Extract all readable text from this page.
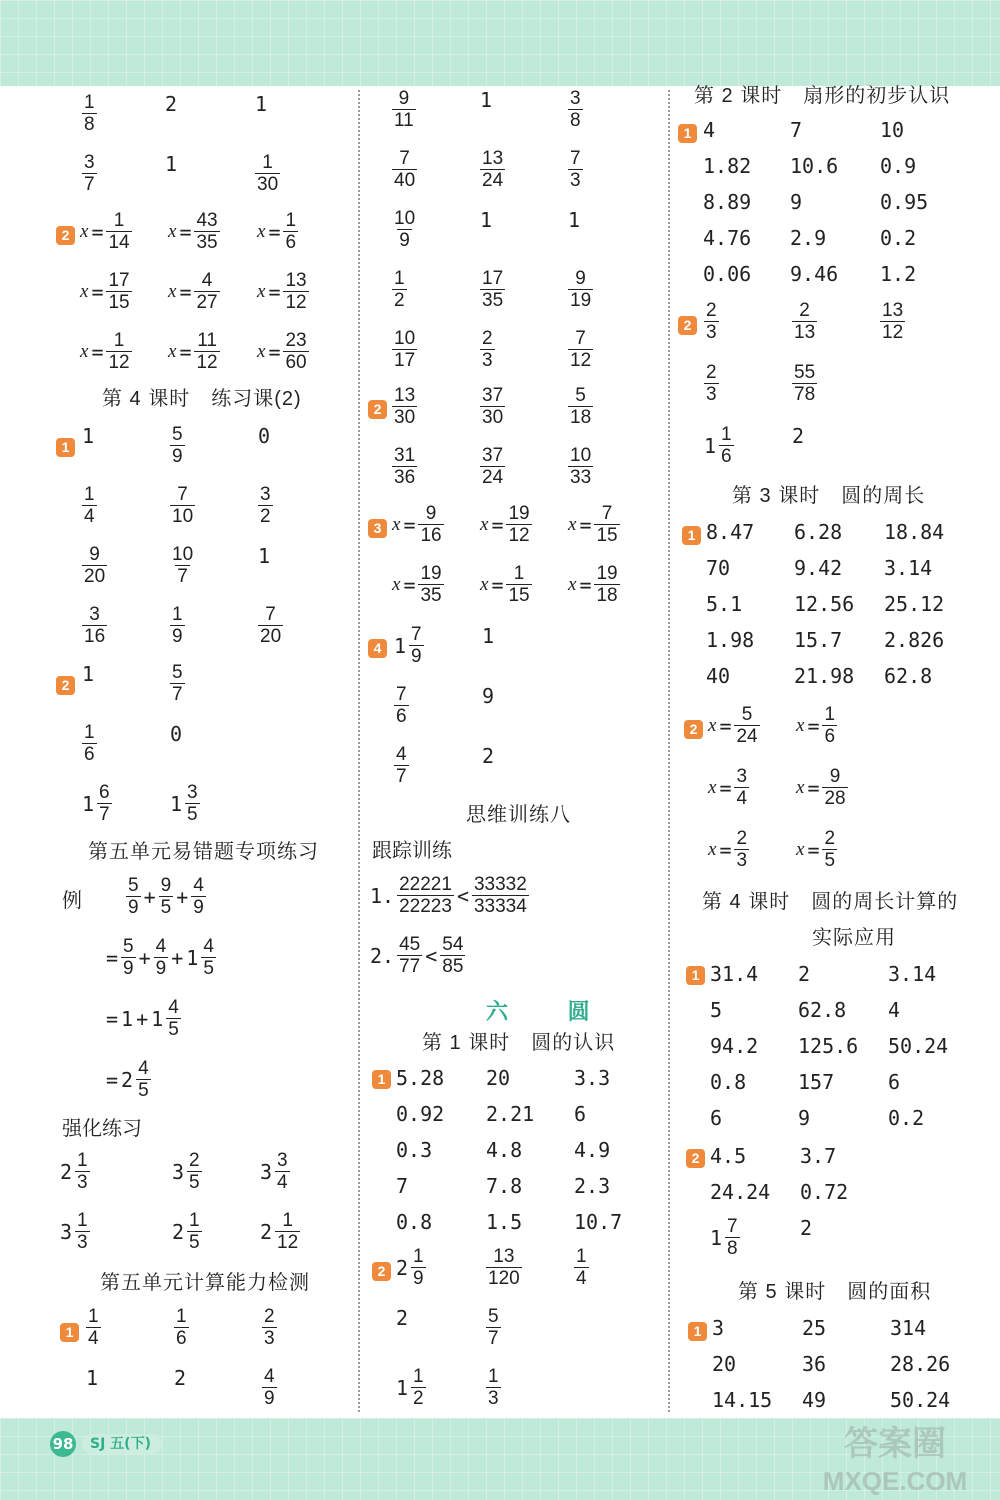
$\frac{1}{8}$	2	1
$\frac{3}{7}$	1	$\frac{1}{30}$
2 $x = \frac{1}{14}$ $x = \frac{43}{35}$ $x = \frac{1}{6}$
$x = \frac{17}{15}$ $x = \frac{4}{27}$ $x = \frac{13}{12}$
$x = \frac{1}{12}$ $x = \frac{11}{12}$ $x = \frac{23}{60}$
第 4 课时　练习课(2)
1 1	$\frac{5}{9}$	0
$\frac{1}{4}$	$\frac{7}{10}$	$\frac{3}{2}$
$\frac{9}{20}$	$\frac{10}{7}$	1
$\frac{3}{16}$	$\frac{1}{9}$	$\frac{7}{20}$
2 1	$\frac{5}{7}$
$\frac{1}{6}$	0
$1 \frac{6}{7}$	$1 \frac{3}{5}$
第五单元易错题专项练习
例 $\frac{5}{9} + \frac{9}{5} + \frac{4}{9}$
= $\frac{5}{9} + \frac{4}{9} + 1 \frac{4}{5}$
= $1 + 1 \frac{4}{5}$
= $2 \frac{4}{5}$
强化练习
$2 \frac{1}{3}$	$3 \frac{2}{5}$	$3 \frac{3}{4}$
$3 \frac{1}{3}$	$2 \frac{1}{5}$	$2 \frac{1}{12}$
第五单元计算能力检测
$1 \frac{1}{4}$	$\frac{1}{6}$	$\frac{2}{3}$
1	2	$\frac{4}{9}$
$\frac{9}{11}$	1	$\frac{3}{8}$
$\frac{7}{40}$	$\frac{13}{24}$	$\frac{7}{3}$
$\frac{10}{9}$	1	1
$\frac{1}{2}$	$\frac{17}{35}$	$\frac{9}{19}$
$\frac{10}{17}$	$\frac{2}{3}$	$\frac{7}{12}$
$2 \frac{13}{30}$	$\frac{37}{30}$	$\frac{5}{18}$
$\frac{31}{36}$	$\frac{37}{24}$	$\frac{10}{33}$
3 $x = \frac{9}{16}$ $x = \frac{19}{12}$ $x = \frac{7}{15}$
$x = \frac{19}{35}$ $x = \frac{1}{15}$ $x = \frac{19}{18}$
4 $1 \frac{7}{9}$	1
$\frac{7}{6}$	9
$\frac{4}{7}$	2
思维训练八
跟踪训练
1. $\frac{22221}{22223} < \frac{33332}{33334}$
2. $\frac{45}{77} < \frac{54}{85}$
六 圆
第 1 课时　圆的认识
1 5.28 20	3.3
0.92 2.21 6
0.3	4.8	4.9
7	7.8	2.3
0.8	1.5	10.7
2 $2 \frac{1}{9}$	$\frac{13}{120}$	$\frac{1}{4}$
2	$\frac{5}{7}$
$1 \frac{1}{2}$	$\frac{1}{3}$
第 2 课时　扇形的初步认识
1 4	7	10
1.82 10.6 0.9
8.89 9	0.95
4.76 2.9	0.2
0.06 9.46 1.2
$2 \frac{2}{3}$	$\frac{2}{13}$	$\frac{13}{12}$
$\frac{2}{3}$	$\frac{55}{78}$
$1 \frac{1}{6}$	2
第 3 课时　圆的周长
1 8.47 6.28 18.84
70	9.42 3.14
5.1	12.56 25.12
1.98 15.7 2.826
40	21.98 62.8
2 $x = \frac{5}{24}$ $x = \frac{1}{6}$
$x = \frac{3}{4}$ $x = \frac{9}{28}$
$x = \frac{2}{3}$ $x = \frac{2}{5}$
第 4 课时　圆的周长计算的
实际应用
1 31.4 2	3.14
5	62.8 4
94.2 125.6 50.24
0.8	157	6
6	9	0.2
2 4.5	3.7
24.24 0.72
$1 \frac{7}{8}$	2
第 5 课时　圆的面积
1 3	25	314
20	36	28.26
14.15 49	50.24
98	SJ 五(下)	答案圈
MXQE.COM
